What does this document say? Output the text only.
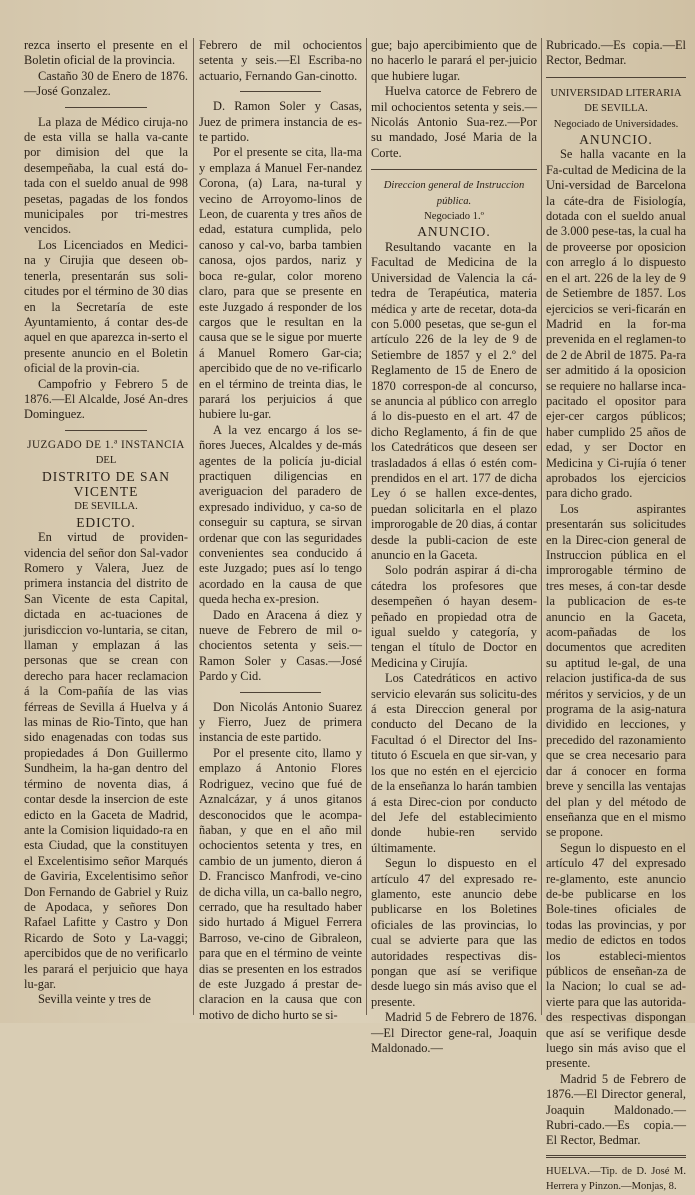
rezca inserto el presente en el Boletin oficial de la provincia.

Castaño 30 de Enero de 1876.—José Gonzalez.

La plaza de Médico ciruja-no de esta villa se halla va-cante por dimision del que la desempeñaba, la cual está do-tada con el sueldo anual de 998 pesetas, pagadas de los fondos municipales por tri-mestres vencidos.

Los Licenciados en Medici-na y Cirujia que deseen ob-tenerla, presentarán sus soli-citudes por el término de 30 dias en la Secretaría de este Ayuntamiento, á contar des-de aquel en que aparezca in-serto el presente anuncio en el Boletin oficial de la provin-cia.

Campofrio y Febrero 5 de 1876.—El Alcalde, José An-dres Dominguez.

JUZGADO DE 1.ª INSTANCIA

DEL

DISTRITO DE SAN VICENTE

DE SEVILLA.

EDICTO.

En virtud de providen-videncia del señor don Sal-vador Romero y Valera, Juez de primera instancia del distrito de San Vicente de esta Capital, dictada en ac-tuaciones de jurisdiccion vo-luntaria, se citan, llaman y emplazan á las personas que se crean con derecho para hacer reclamacion á la Com-pañía de las vias férreas de Sevilla á Huelva y á las minas de Rio-Tinto, que han sido enagenadas con todas sus propiedades á Don Guillermo Sundheim, la ha-gan dentro del término de noventa dias, á contar desde la insercion de este edicto en la Gaceta de Madrid, ante la Comision liquidado-ra en esta Ciudad, que la constituyen el Excelentisimo señor Marqués de Gaviria, Excelentisimo señor Don Fernando de Gabriel y Ruiz de Apodaca, y señores Don Rafael Lafitte y Castro y Don Ricardo de Soto y La-vaggi; apercibidos que de no verificarlo les parará el perjuicio que haya lu-gar.

Sevilla veinte y tres de

Febrero de mil ochocientos setenta y seis.—El Escriba-no actuario, Fernando Gan-cinotto.

D. Ramon Soler y Casas, Juez de primera instancia de es-te partido.

Por el presente se cita, lla-ma y emplaza á Manuel Fer-nandez Corona, (a) Lara, na-tural y vecino de Arroyomo-linos de Leon, de cuarenta y tres años de edad, estatura cumplida, pelo canoso y cal-vo, barba tambien canosa, ojos pardos, nariz y boca re-gular, color moreno claro, para que se presente en este Juzgado á responder de los cargos que le resultan en la causa que se le sigue por muerte á Manuel Romero Gar-cia; apercibido que de no ve-rificarlo en el término de treinta dias, le parará los perjuicios á que hubiere lu-gar.

A la vez encargo á los se-ñores Jueces, Alcaldes y de-más agentes de la policía ju-dicial practiquen diligencias en averiguacion del paradero de expresado individuo, y ca-so de conseguir su captura, se sirvan ordenar que con las seguridades convenientes sea conducido á este Juzgado; pues así lo tengo acordado en la causa de que queda hecha ex-presion.

Dado en Aracena á diez y nueve de Febrero de mil o-chocientos setenta y seis.—Ramon Soler y Casas.—José Pardo y Cid.

Don Nicolás Antonio Suarez y Fierro, Juez de primera instancia de este partido.

Por el presente cito, llamo y emplazo á Antonio Flores Rodriguez, vecino que fué de Aznalcázar, y á unos gitanos desconocidos que le acompa-ñaban, y que en el año mil ochocientos setenta y tres, en cambio de un jumento, dieron á D. Francisco Manfrodi, ve-cino de dicha villa, un ca-ballo negro, cerrado, que ha resultado haber sido hurtado á Miguel Ferrera Barroso, ve-cino de Gibraleon, para que en el término de veinte dias se presenten en los estrados de este Juzgado á prestar de-claracion en la causa que con motivo de dicho hurto se si-

gue; bajo apercibimiento que de no hacerlo le parará el per-juicio que hubiere lugar.

Huelva catorce de Febrero de mil ochocientos setenta y seis.—Nicolás Antonio Sua-rez.—Por su mandado, José Maria de la Corte.

Direccion general de Instruccion pública.

Negociado 1.º

ANUNCIO.

Resultando vacante en la Facultad de Medicina de la Universidad de Valencia la cá-tedra de Terapéutica, materia médica y arte de recetar, dota-da con 5.000 pesetas, que se-gun el artículo 226 de la ley de 9 de Setiembre de 1857 y el 2.º del Reglamento de 15 de Enero de 1870 correspon-de al concurso, se anuncia al público con arreglo á lo dis-puesto en el art. 47 de dicho Reglamento, á fin de que los Catedráticos que deseen ser trasladados á ellas ó estén com-prendidos en el art. 177 de dicha Ley ó se hallen exce-dentes, puedan solicitarla en el plazo improrogable de 20 dias, á contar desde la publi-cacion de este anuncio en la Gaceta.

Solo podrán aspirar á di-cha cátedra los profesores que desempeñen ó hayan desem-peñado en propiedad otra de igual sueldo y categoría, y tengan el título de Doctor en Medicina y Cirujía.

Los Catedráticos en activo servicio elevarán sus solicitu-des á esta Direccion general por conducto del Decano de la Facultad ó el Director del Ins-tituto ó Escuela en que sir-van, y los que no estén en el ejercicio de la enseñanza lo harán tambien á esta Direc-cion por conducto del Jefe del establecimiento donde hubie-ren servido últimamente.

Segun lo dispuesto en el artículo 47 del expresado re-glamento, este anuncio debe publicarse en los Boletines oficiales de las provincias, lo cual se advierte para que las autoridades respectivas dis-pongan que así se verifique desde luego sin más aviso que el presente.

Madrid 5 de Febrero de 1876.—El Director gene-ral, Joaquin Maldonado.—

Rubricado.—Es copia.—El Rector, Bedmar.

UNIVERSIDAD LITERARIA DE SEVILLA.

Negociado de Universidades.

ANUNCIO.

Se halla vacante en la Fa-cultad de Medicina de la Uni-versidad de Barcelona la cáte-dra de Fisiología, dotada con el sueldo anual de 3.000 pese-tas, la cual ha de proveerse por oposicion con arreglo á lo dispuesto en el art. 226 de la ley de 9 de Setiembre de 1857. Los ejercicios se veri-ficarán en Madrid en la for-ma prevenida en el reglamen-to de 2 de Abril de 1875. Pa-ra ser admitido á la oposicion se requiere no hallarse inca-pacitado el opositor para ejer-cer cargos públicos; haber cumplido 25 años de edad, y ser Doctor en Medicina y Ci-rujía ó tener aprobados los ejercicios para dicho grado.

Los aspirantes presentarán sus solicitudes en la Direc-cion general de Instruccion pública en el improrogable término de tres meses, á con-tar desde la publicacion de es-te anuncio en la Gaceta, acom-pañadas de los documentos que acrediten su aptitud le-gal, de una relacion justifica-da de sus méritos y servicios, y de un programa de la asig-natura dividido en lecciones, y precedido del razonamiento que se crea necesario para dar á conocer en forma breve y sencilla las ventajas del plan y del método de enseñanza que en el mismo se propone.

Segun lo dispuesto en el artículo 47 del expresado re-glamento, este anuncio de-be publicarse en los Bole-tines oficiales de todas las provincias, y por medio de edictos en todos los estableci-mientos públicos de enseñan-za de la Nacion; lo cual se ad-vierte para que las autorida-des respectivas dispongan que así se verifique desde luego sin más aviso que el presente.

Madrid 5 de Febrero de 1876.—El Director general, Joaquin Maldonado.—Rubri-cado.—Es copia.—El Rector, Bedmar.

HUELVA.—Tip. de D. José M. Herrera y Pinzon.—Monjas, 8.
